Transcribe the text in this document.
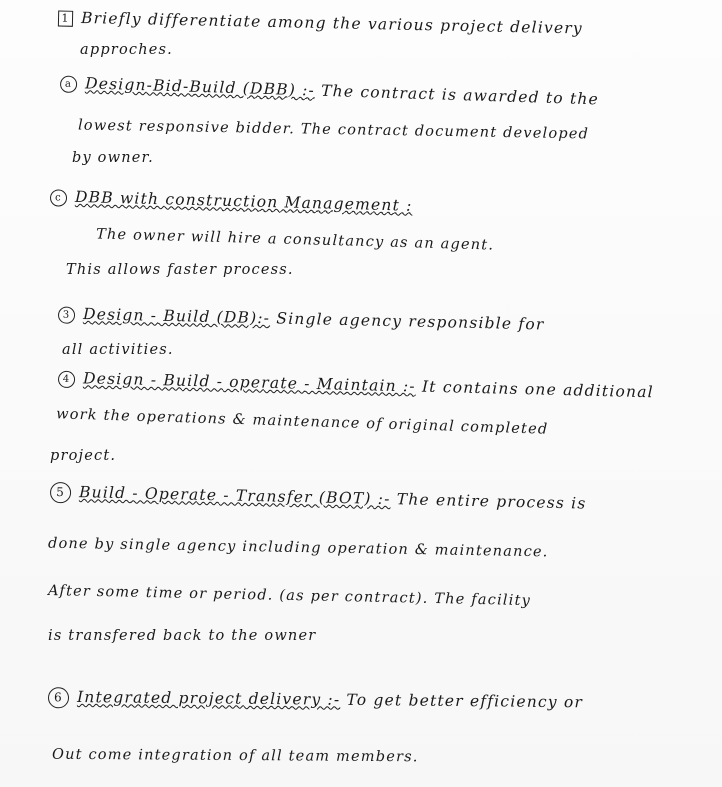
1 Briefly differentiate among the various project delivery
approches.
a Design-Bid-Build (DBB) :- The contract is awarded to the
lowest responsive bidder. The contract document developed
by owner.
c DBB with construction Management :
The owner will hire a consultancy as an agent.
This allows faster process.
3 Design - Build (DB):- Single agency responsible for
all activities.
4 Design - Build - operate - Maintain :- It contains one additional
work the operations & maintenance of original completed
project.
5 Build - Operate - Transfer (BOT) :- The entire process is
done by single agency including operation & maintenance.
After some time or period. (as per contract). The facility
is transfered back to the owner
6 Integrated project delivery :- To get better efficiency or
Out come integration of all team members.
